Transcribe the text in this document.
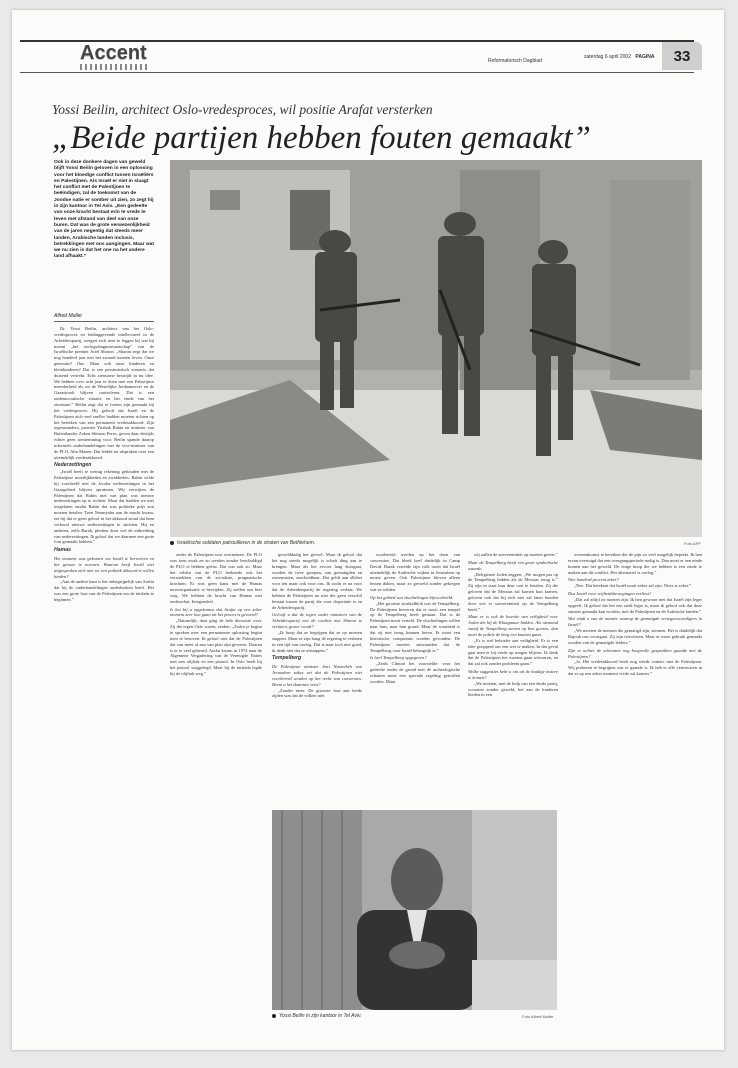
Accent	Reformatorisch Dagblad
zaterdag 6 april 2002 PAGINA	33
Yossi Beilin, architect Oslo-vredesproces, wil positie Arafat versterken
„Beide partijen hebben fouten gemaakt”
Ook in deze donkere dagen van geweld blijft Yossi Beilin geloven in een oplossing voor het bloedige conflict tussen Israëliërs en Palestijnen. Als Israël er niet in slaagt het conflict met de Palestijnen te beëindigen, zal de toekomst van de Joodse natie er somber uit zien, zo zegt hij in zijn kantoor in Tel Aviv. „Een gedeelte van onze kracht bestaat erin te vrede te leven met afstand van deel van onze buren. Dat was de grote verwezenlijkheid van de jaren negentig dat steeds meer landen, Arabische landen inclusis, betrekkingen met ons aangingen. Maar wat we nu zien is dat het one na het andere land afhaakt.”
Alfred Muller

Dr. Yossi Beilin, architect van het Oslo-vredesproces en leidinggevende intellectueel in de Arbeiderspartij, weigert zich neer te leggen bij wat hij noemt „het oorlogsdiagnosmaatschap” van de Israëlische premier Ariel Sharon. „Sharon zegt dat we nog honderd jaar met het zwaard moeten leven. Onze generatie! Ons. Maar ook onze kinderen en kleinkinderen? Dat is een pessimistisch scenario dat duizend vertrekt. Echt ziensome bestrijdt in nu idee. We hebben over acht jaar te doen met een Palestijnse meerderheid als we de Westelijke Jordaanoever en de Gazastrook blijven controleren. Dat is een ondemocratische situatie en het einde van het zionisme.” Beilin zegt dat er fouten zijn gemaakt bij het vredesproces. Hij gelooft dat Israël en de Palestijnen zich veel sneller hadden moeten richten op het bereiken van een permanent vredesakkoord. Zijn tegenstanders, premier Yitzhak Rabin en minister van Buitenlandse Zaken Shimon Peres, geven daar destijds echter geen toestemming voor. Beilin spande daarop informele onderhandelingen met de vice-minister van de PLO, Abu Mazen. Dat leidde tot afspraken over een uiteindelijk vredesakkoord.

Nederzettingen

„Israël heeft te weinig rekening gehouden met de Palestijnse moeilijkheden en zwakheden. Rabin wilde bij voorbeeld niet de Joodse nederzettingen in het Gazagebied blijven opruimen. Wij verwijten de Palestijnen dat Rabin niet van plan was nieuwe nederzettingen op te richten. Maar dat hadden we niet toegelaten omdat Rabin dat was politieke prijs zou moeten betalen. Toen Netanyahu aan de macht kwam, zei hij dat er geen geloof in het akkoord stond dat hem verbood nieuwe nederzettingen te stichten. Hij en anderen, zelfs Barak, pleitten door wel de uitbreiding van nederzettingen. Ik geloof dat we daarmee een grote fout gemaakt hebben.”

Hamas
Het moment was gekomen om Israël te heroveren en het gevaar te noemen. Waarom heeft Israël niet uitgesproken zich niet tot een politiek akkoord te willen binden?

„Aan de andere kant is het onbegrijpelijk van Arafat dat hij de onderhandelingen onderbroken heeft. Het was een grote fout van de Palestijnen om de intifada te beginnen.”

Israëlische soldaten patrouilleren in de straten van Bethlehem.	Foto AFP

onder de Palestijnen nou overnemen. De PLO was toen zwak en zo werden zonder beschuldigd de PLO te hebben geëist. Dat was ook zo. Maar het rolden van de PLO herkende ook het verstrekken van de socialiste, pragmatische krachten. Er was geen kans met de Hamas terrororganisatie te bevrijden. Zij stellen ons hier weg. We hebben de kracht van Hamas niet onderschat. Integendeel.

Is het bij u opgekomen dat Arafat op een zeker moment zeer kon gaan uit het proces is gevoerd?

„Natuurlijk, daar ging de hele discussie over. Zij die tegen Oslo waren, zeiden: „Zodra je begint te spreken over een permanente oplossing begint men te beroven. Ik geloof niet dat de Palestijnen dat van meet af aan van plan zijn geweest. Daarna is er te veel gebeurd. Arafat kwam in 1974 naar de Algemene Vergadering van de Verenigde Naties met een olijftak en een pistool. In Oslo heeft hij het pistool weggelegd. Maar hij de intifada legde hij de olijftak weg.”

gewelddadig het gevoel. Maar ik geloof dat het nog steeds mogelijk is schaft ding aan te brengen. Maar als het ervoor lang doorgaat, worden de twee groepen, van gematigden en extremisten, onscheidbaar. Dat geldt aan allebei voor ten maar ook voor ons. Ik zocht er na voor dat de Arbeiderspartij de regering verlaat. We hebben de Palestijnen nu niet der geen verschil bestaat tussen de partij die voor deportatie is en de Arbeiderspartij.

Gelooft u dat de tegen onder ministers van de Arbeiderspartij een de coalitie met Sharon te verlaten, groter wordt?

„Ik hoop dat ze begrijpen dat ze op moeten stappen. Maar ze zijn bang de regering te verlaten in een tijd van oorlog. Dat is naar toch niet goed, ik denk niet dat ze uitstappen.”

Tempelberg
De Palestijnse minister Sari Nusseibeh van Jeruzalem zakes zei dat de Palestijnen niet voorbereid worden op het recht van conversies. Beent u het daarmee eens?

„Zonder meer. De grootste fout aan beide zijden was dat de volken niet

voorbereid werden op het doen van concessies. Dat bleek heel duidelijk in Camp David. Barak vertelde zijn volk nooit dat Israël uiteindelijk de Arabische wijken in Jeruzalem op moest geven. Ook Palestijnen bleven alleen lessen doken, maar zo gevoeld zonder gekregen wat ze wilden.

Op het gebied van vluchtelingen bijvoorbeeld.

„Het grootste struikelblok was de Tempelberg. De Palestijnen beweren dat er nooit een tempel op de Tempelberg heeft gestaan. Dat is de Palestijnen nooit verteld. De vluchtelingen willen naar huis, naar hun grond. Maar de waarheid is dat zij niet terug kunnen keren. Er moet een historische compromis worden gevonden. De Palestijnen moeten aanvaarden dat de Tempelberg voor Israël belangrijk is.”

Is heel Tempelberg opgegeven?

„Zeals Clinton het voorstelde: voor het gedeelte onder de grond met de archeologische schatten moet een speciale regeling getroffen worden. Maar

wij zullen de soevereiniteit op moeten geven.”

Maar de Tempelberg heeft een grote symbolische waarde.

„Religieuze Joden zeggen: „We mogen pas op de Tempelberg bidden als de Messias terug is.” Zij zijn in staat hun deur ooit te betalen. Zij die geloven dat de Messias zal komen kun komen, geloven ook dat hij zich niet zal laten houden door wie er soevereiniteit op de Tempelberg heeft.”

Maar er is ook de kwestie van veiligheid voor Joden die bij de Klaagmuur bidden. Als niemand vanaf de Tempelberg stenen op hen gooien, dan moet de politie de berg een kunnen gaan.

„Er is wel behoefte aan veiligheid. Er is een idee geopperd om een wet te maken. In dat geval gaat men er bij vrede op mogen blijven. Ik denk dat de Palestijnen het moeten gaan uitvoeren, en dat zal ook zonder probleem gaan.”

Welke suggesties hebt u om uit de huidige misere te komen?

„We moeten, met de hulp van een derde partij, voorzien zonder geweld, het aan de kinderen bieden in een

overeenkomst te bereiken die de pijn zo veel mogelijk beperkt. Ik ben ervan overtuigd dat een overgangsperiode nodig is. Dan moet er een einde komen aan het geweld. De enige hoop die we hebben is een einde te maken aan dit conflict. Het alternatief is oorlog.”

Niet honderd procent zeker?

„Nee. Dat betekent dat Israël nooit zeker zal zijn. Niets is zeker.”

Dus Israël voor vrijheidsbewegingen verliest?

„Dat zal altijd zo moeten zijn. Ik ben gewoon niet dat Israël zijn leger opgeeft. Ik geloof dat het een sterk leger is, maar ik geloof ook dat deze situatie gemaakt kan worden, met de Palestijnen en de Arabische landen.”

Wat vindt u van de manier waarop de gematigde vertegenwoordigers in Israël?

„We moeten de mensen die gematigd zijn, steunen. Het is duidelijk dat Rajoub ons voortgaat. Zij zijn terroristen. Maar er moet gebruik gemaakt worden van de gematigde leiders.”

Zijn er achter de schermen nog hoopvolle gesprekken gaande met de Palestijnen?

„Ja. Het vredesakkoord heeft nog steeds contact met de Palestijnen. Wij proberen te begrijpen wat er gaande is. Ik heb er alle vertrouwen in dat er op een zeker moment vrede zal komen.”

Yossi Beilin in zijn kantoor in Tel Aviv.	Foto Alfred Muller
